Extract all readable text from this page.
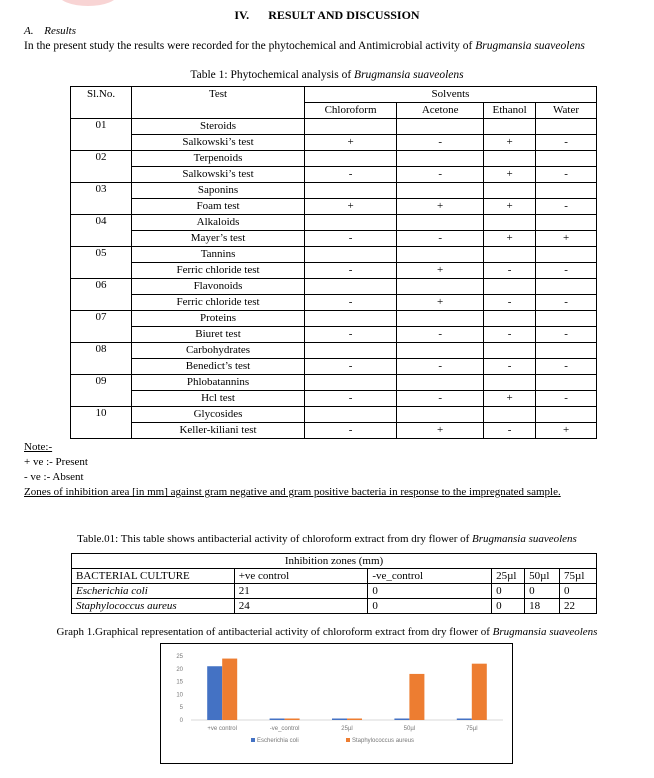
IV. RESULT AND DISCUSSION
A. Results
In the present study the results were recorded for the phytochemical and Antimicrobial activity of Brugmansia suaveolens
Table 1: Phytochemical analysis of Brugmansia suaveolens
Sl.No.	Test	Solvents			
		Chloroform	Acetone	Ethanol	Water
01	Steroids				
	Salkowski’s test	+	-	+	-
02	Terpenoids				
	Salkowski’s test	-	-	+	-
03	Saponins				
	Foam test	+	+	+	-
04	Alkaloids				
	Mayer’s test	-	-	+	+
05	Tannins				
	Ferric chloride test	-	+	-	-
06	Flavonoids				
	Ferric chloride test	-	+	-	-
07	Proteins				
	Biuret test	-	-	-	-
08	Carbohydrates				
	Benedict’s test	-	-	-	-
09	Phlobatannins				
	Hcl test	-	-	+	-
10	Glycosides				
	Keller-kiliani test	-	+	-	+
Note:-
+ ve :- Present
- ve :- Absent
Zones of inhibition area [in mm] against gram negative and gram positive bacteria in response to the impregnated sample.
Table.01: This table shows antibacterial activity of chloroform extract from dry flower of Brugmansia suaveolens
Inhibition zones (mm)					
BACTERIAL CULTURE	+ve control	-ve_control	25µl	50µl	75µl
Escherichia coli	21	0	0	0	0
Staphylococcus aureus	24	0	0	18	22
Graph 1.Graphical representation of antibacterial activity of chloroform extract from dry flower of Brugmansia suaveolens
0
5
10
15
20
25
+ve control	-ve_control	25µl	50µl	75µl
Escherichia coli	Staphylococcus aureus
